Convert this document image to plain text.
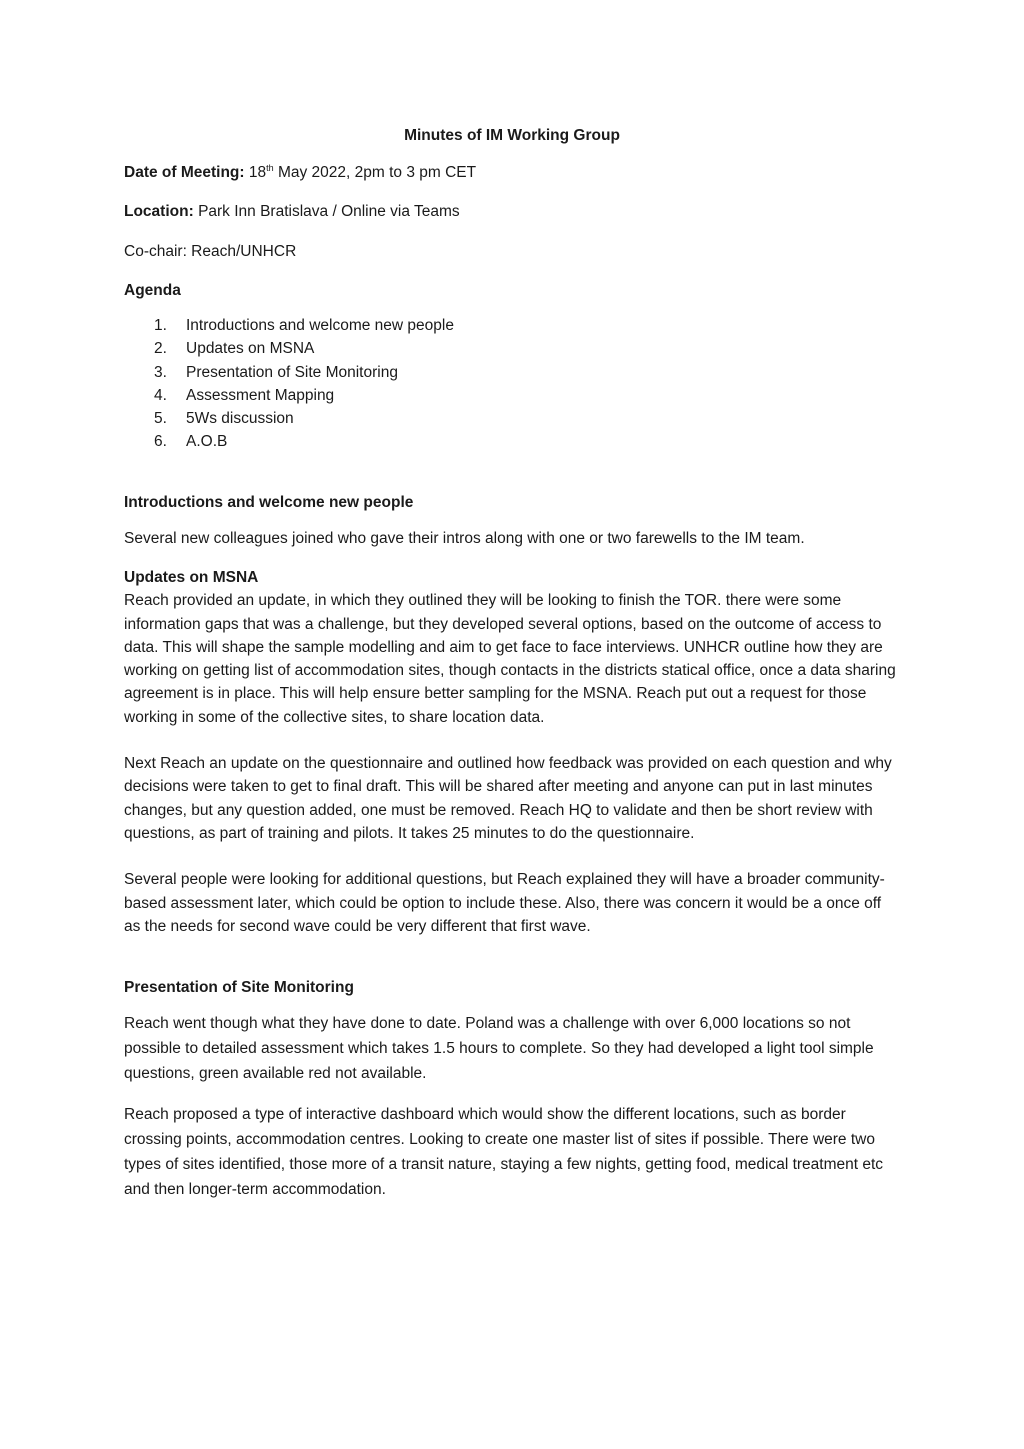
Minutes of IM Working Group

Date of Meeting: 18th May 2022, 2pm to 3 pm CET

Location: Park Inn Bratislava / Online via Teams

Co-chair: Reach/UNHCR

Agenda

1.	Introductions and welcome new people
2.	Updates on MSNA
3.	Presentation of Site Monitoring
4.	Assessment Mapping
5.	5Ws discussion
6.	A.O.B

Introductions and welcome new people

Several new colleagues joined who gave their intros along with one or two farewells to the IM team.

Updates on MSNA

Reach provided an update, in which they outlined they will be looking to finish the TOR. there were some information gaps that was a challenge, but they developed several options, based on the outcome of access to data. This will shape the sample modelling and aim to get face to face interviews. UNHCR outline how they are working on getting list of accommodation sites, though contacts in the districts statical office, once a data sharing agreement is in place. This will help ensure better sampling for the MSNA. Reach put out a request for those working in some of the collective sites, to share location data.

Next Reach an update on the questionnaire and outlined how feedback was provided on each question and why decisions were taken to get to final draft. This will be shared after meeting and anyone can put in last minutes changes, but any question added, one must be removed. Reach HQ to validate and then be short review with questions, as part of training and pilots. It takes 25 minutes to do the questionnaire.

Several people were looking for additional questions, but Reach explained they will have a broader community-based assessment later, which could be option to include these. Also, there was concern it would be a once off as the needs for second wave could be very different that first wave.

Presentation of Site Monitoring

Reach went though what they have done to date. Poland was a challenge with over 6,000 locations so not possible to detailed assessment which takes 1.5 hours to complete. So they had developed a light tool simple questions, green available red not available.

Reach proposed a type of interactive dashboard which would show the different locations, such as border crossing points, accommodation centres. Looking to create one master list of sites if possible. There were two types of sites identified, those more of a transit nature, staying a few nights, getting food, medical treatment etc and then longer-term accommodation.
